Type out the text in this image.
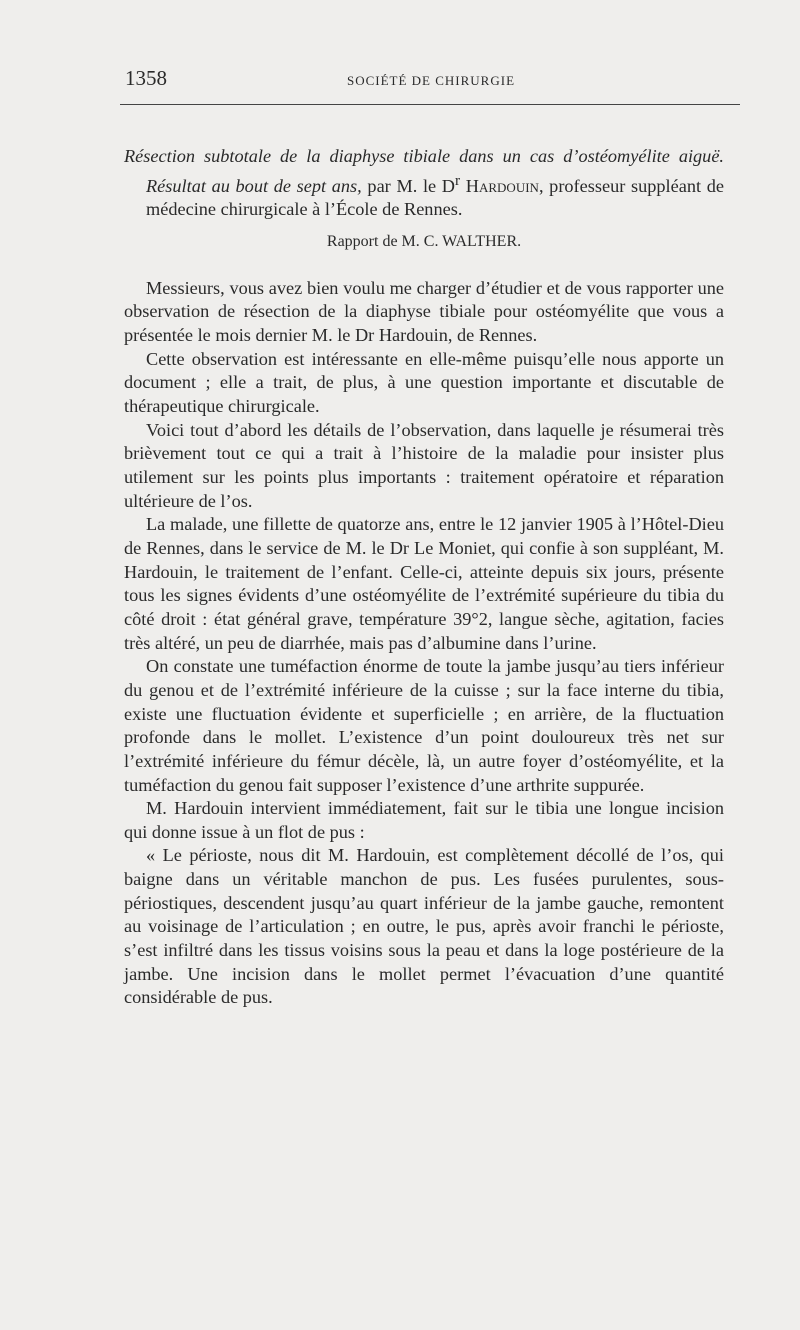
1358	SOCIÉTÉ DE CHIRURGIE

Résection subtotale de la diaphyse tibiale dans un cas d’ostéomyélite aiguë. Résultat au bout de sept ans, par M. le $D^r$ Hardouin, professeur suppléant de médecine chirurgicale à l’École de Rennes.

Rapport de M. C. WALTHER.

Messieurs, vous avez bien voulu me charger d’étudier et de vous rapporter une observation de résection de la diaphyse tibiale pour ostéomyélite que vous a présentée le mois dernier M. le Dr Hardouin, de Rennes.

Cette observation est intéressante en elle-même puisqu’elle nous apporte un document ; elle a trait, de plus, à une question importante et discutable de thérapeutique chirurgicale.

Voici tout d’abord les détails de l’observation, dans laquelle je résumerai très brièvement tout ce qui a trait à l’histoire de la maladie pour insister plus utilement sur les points plus importants : traitement opératoire et réparation ultérieure de l’os.

La malade, une fillette de quatorze ans, entre le 12 janvier 1905 à l’Hôtel-Dieu de Rennes, dans le service de M. le Dr Le Moniet, qui confie à son suppléant, M. Hardouin, le traitement de l’enfant. Celle-ci, atteinte depuis six jours, présente tous les signes évidents d’une ostéomyélite de l’extrémité supérieure du tibia du côté droit : état général grave, température 39°2, langue sèche, agitation, facies très altéré, un peu de diarrhée, mais pas d’albumine dans l’urine.

On constate une tuméfaction énorme de toute la jambe jusqu’au tiers inférieur du genou et de l’extrémité inférieure de la cuisse ; sur la face interne du tibia, existe une fluctuation évidente et superficielle ; en arrière, de la fluctuation profonde dans le mollet. L’existence d’un point douloureux très net sur l’extrémité inférieure du fémur décèle, là, un autre foyer d’ostéomyélite, et la tuméfaction du genou fait supposer l’existence d’une arthrite suppurée.

M. Hardouin intervient immédiatement, fait sur le tibia une longue incision qui donne issue à un flot de pus :

« Le périoste, nous dit M. Hardouin, est complètement décollé de l’os, qui baigne dans un véritable manchon de pus. Les fusées purulentes, sous-périostiques, descendent jusqu’au quart inférieur de la jambe gauche, remontent au voisinage de l’articulation ; en outre, le pus, après avoir franchi le périoste, s’est infiltré dans les tissus voisins sous la peau et dans la loge postérieure de la jambe. Une incision dans le mollet permet l’évacuation d’une quantité considérable de pus.
